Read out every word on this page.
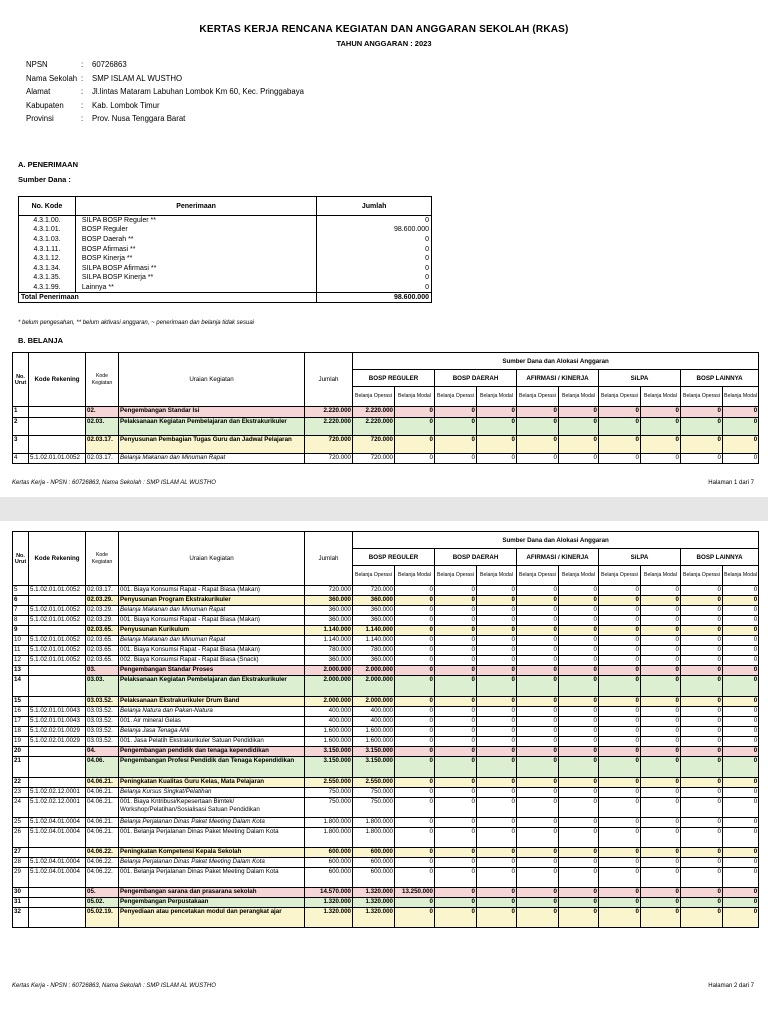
KERTAS KERJA RENCANA KEGIATAN DAN ANGGARAN SEKOLAH (RKAS)
TAHUN ANGGARAN : 2023
NPSN	: 60726863
Nama Sekolah : SMP ISLAM AL WUSTHO
Alamat	: Jl.lintas Mataram Labuhan Lombok Km 60, Kec. Pringgabaya
Kabupaten	: Kab. Lombok Timur
Provinsi	: Prov. Nusa Tenggara Barat
A. PENERIMAAN
Sumber Dana :
No. Kode	Penerimaan	Jumlah
4.3.1.00.	SILPA BOSP Reguler **	0
4.3.1.01.	BOSP Reguler	98.600.000
4.3.1.03.	BOSP Daerah **	0
4.3.1.11.	BOSP Afirmasi **	0
4.3.1.12.	BOSP Kinerja **	0
4.3.1.34.	SILPA BOSP Afirmasi **	0
4.3.1.35.	SILPA BOSP Kinerja **	0
4.3.1.99.	Lainnya **	0
Total Penerimaan		98.600.000
* belum pengesahan, ** belum aktivasi anggaran, ~ penerimaan dan belanja tidak sesuai
B. BELANJA
No. Urut	Kode Rekening	Kode Kegiatan	Uraian Kegiatan	Jumlah	Sumber Dana dan Alokasi Anggaran									
					BOSP REGULER		BOSP DAERAH		AFIRMASI / KINERJA		SiLPA		BOSP LAINNYA	
					Belanja Operasi	Belanja Modal	Belanja Operasi	Belanja Modal	Belanja Operasi	Belanja Modal	Belanja Operasi	Belanja Modal	Belanja Operasi	Belanja Modal
1		02.	Pengembangan Standar Isi	2.220.000	2.220.000	0	0	0	0	0	0	0	0	0
2		02.03.	Pelaksanaan Kegiatan Pembelajaran dan Ekstrakurikuler	2.220.000	2.220.000	0	0	0	0	0	0	0	0	0
3		02.03.17.	Penyusunan Pembagian Tugas Guru dan Jadwal Pelajaran	720.000	720.000	0	0	0	0	0	0	0	0	0
4	5.1.02.01.01.0052	02.03.17.	Belanja Makanan dan Minuman Rapat	720.000	720.000	0	0	0	0	0	0	0	0	0
Kertas Kerja - NPSN : 60726863, Nama Sekolah : SMP ISLAM AL WUSTHO	Halaman 1 dari 7
No. Urut	Kode Rekening	Kode Kegiatan	Uraian Kegiatan	Jumlah	Sumber Dana dan Alokasi Anggaran									
					BOSP REGULER		BOSP DAERAH		AFIRMASI / KINERJA		SiLPA		BOSP LAINNYA	
					Belanja Operasi	Belanja Modal	Belanja Operasi	Belanja Modal	Belanja Operasi	Belanja Modal	Belanja Operasi	Belanja Modal	Belanja Operasi	Belanja Modal
5	5.1.02.01.01.0052	02.03.17.	001. Biaya Konsumsi Rapat - Rapat Biasa (Makan)	720.000	720.000	0	0	0	0	0	0	0	0	0
6		02.03.29.	Penyusunan Program Ekstrakurikuler	360.000	360.000	0	0	0	0	0	0	0	0	0
7	5.1.02.01.01.0052	02.03.29.	Belanja Makanan dan Minuman Rapat	360.000	360.000	0	0	0	0	0	0	0	0	0
8	5.1.02.01.01.0052	02.03.29.	001. Biaya Konsumsi Rapat - Rapat Biasa (Makan)	360.000	360.000	0	0	0	0	0	0	0	0	0
9		02.03.65.	Penyusunan Kurikulum	1.140.000	1.140.000	0	0	0	0	0	0	0	0	0
10	5.1.02.01.01.0052	02.03.65.	Belanja Makanan dan Minuman Rapat	1.140.000	1.140.000	0	0	0	0	0	0	0	0	0
11	5.1.02.01.01.0052	02.03.65.	001. Biaya Konsumsi Rapat - Rapat Biasa (Makan)	780.000	780.000	0	0	0	0	0	0	0	0	0
12	5.1.02.01.01.0052	02.03.65.	002. Biaya Konsumsi Rapat - Rapat Biasa (Snack)	360.000	360.000	0	0	0	0	0	0	0	0	0
13		03.	Pengembangan Standar Proses	2.000.000	2.000.000	0	0	0	0	0	0	0	0	0
14		03.03.	Pelaksanaan Kegiatan Pembelajaran dan Ekstrakurikuler	2.000.000	2.000.000	0	0	0	0	0	0	0	0	0
15		03.03.52.	Pelaksanaan Ekstrakurikuler Drum Band	2.000.000	2.000.000	0	0	0	0	0	0	0	0	0
16	5.1.02.01.01.0043	03.03.52.	Belanja Natura dan Pakan-Natura	400.000	400.000	0	0	0	0	0	0	0	0	0
17	5.1.02.01.01.0043	03.03.52.	001. Air mineral Gelas	400.000	400.000	0	0	0	0	0	0	0	0	0
18	5.1.02.02.01.0029	03.03.52.	Belanja Jasa Tenaga Ahli	1.600.000	1.600.000	0	0	0	0	0	0	0	0	0
19	5.1.02.02.01.0029	03.03.52.	001. Jasa Pelatih Ekstrakurikuler Satuan Pendidikan	1.600.000	1.600.000	0	0	0	0	0	0	0	0	0
20		04.	Pengembangan pendidik dan tenaga kependidikan	3.150.000	3.150.000	0	0	0	0	0	0	0	0	0
21		04.06.	Pengembangan Profesi Pendidik dan Tenaga Kependidikan	3.150.000	3.150.000	0	0	0	0	0	0	0	0	0
22		04.06.21.	Peningkatan Kualitas Guru Kelas, Mata Pelajaran	2.550.000	2.550.000	0	0	0	0	0	0	0	0	0
23	5.1.02.02.12.0001	04.06.21.	Belanja Kursus Singkat/Pelatihan	750.000	750.000	0	0	0	0	0	0	0	0	0
24	5.1.02.02.12.0001	04.06.21.	001. Biaya Kntribusi/Kepesertaan Bimtek/ Workshop/Pelatihan/Sosialisasi Satuan Pendidikan	750.000	750.000	0	0	0	0	0	0	0	0	0
25	5.1.02.04.01.0004	04.06.21.	Belanja Perjalanan Dinas Paket Meeting Dalam Kota	1.800.000	1.800.000	0	0	0	0	0	0	0	0	0
26	5.1.02.04.01.0004	04.06.21.	001. Belanja Perjalanan Dinas Paket Meeting Dalam Kota	1.800.000	1.800.000	0	0	0	0	0	0	0	0	0
27		04.06.22.	Peningkatan Kompetensi Kepala Sekolah	600.000	600.000	0	0	0	0	0	0	0	0	0
28	5.1.02.04.01.0004	04.06.22.	Belanja Perjalanan Dinas Paket Meeting Dalam Kota	600.000	600.000	0	0	0	0	0	0	0	0	0
29	5.1.02.04.01.0004	04.06.22.	001. Belanja Perjalanan Dinas Paket Meeting Dalam Kota	600.000	600.000	0	0	0	0	0	0	0	0	0
30		05.	Pengembangan sarana dan prasarana sekolah	14.570.000	1.320.000	13.250.000	0	0	0	0	0	0	0	0
31		05.02.	Pengembangan Perpustakaan	1.320.000	1.320.000	0	0	0	0	0	0	0	0	0
32		05.02.19.	Penyediaan atau pencetakan modul dan perangkat ajar	1.320.000	1.320.000	0	0	0	0	0	0	0	0	0
Kertas Kerja - NPSN : 60726863, Nama Sekolah : SMP ISLAM AL WUSTHO	Halaman 2 dari 7
